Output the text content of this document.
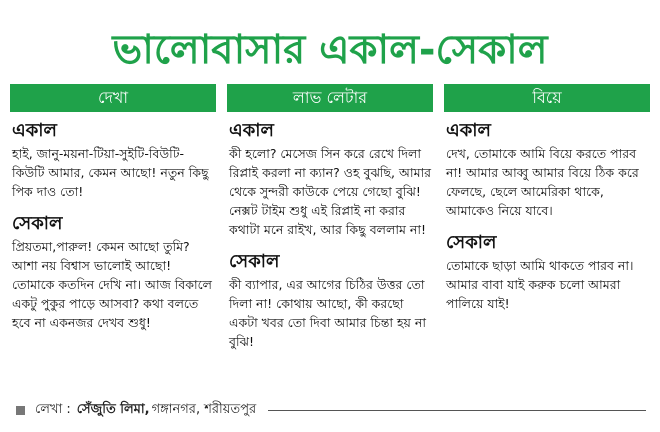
ভালোবাসার একাল-সেকাল
দেখা
একাল
হাই, জানু-ময়না-টিয়া-সুইটি-বিউটি-কিউটি আমার, কেমন আছো! নতুন কিছু পিক দাও তো!
সেকাল
প্রিয়তমা,পারুল! কেমন আছো তুমি? আশা নয় বিশ্বাস ভালোই আছো! তোমাকে কতদিন দেখি না। আজ বিকালে একটু পুকুর পাড়ে আসবা? কথা বলতে হবে না একনজর দেখব শুধু!
লাভ লেটার
একাল
কী হলো? মেসেজ সিন করে রেখে দিলা রিপ্লাই করলা না ক্যান? ওহ বুঝছি, আমার থেকে সুন্দরী কাউকে পেয়ে গেছো বুঝি! নেক্সট টাইম শুধু এই রিপ্লাই না করার কথাটা মনে রাইখ, আর কিছু বললাম না!
সেকাল
কী ব্যাপার, এর আগের চিঠির উত্তর তো দিলা না! কোথায় আছো, কী করছো একটা খবর তো দিবা আমার চিন্তা হয় না বুঝি!
বিয়ে
একাল
দেখ, তোমাকে আমি বিয়ে করতে পারব না! আমার আব্বু আমার বিয়ে ঠিক করে ফেলছে, ছেলে আমেরিকা থাকে, আমাকেও নিয়ে যাবে।
সেকাল
তোমাকে ছাড়া আমি থাকতে পারব না। আমার বাবা যাই করুক চলো আমরা পালিয়ে যাই!
লেখা : সেঁজুতি লিমা, গঙ্গানগর, শরীয়তপুর
